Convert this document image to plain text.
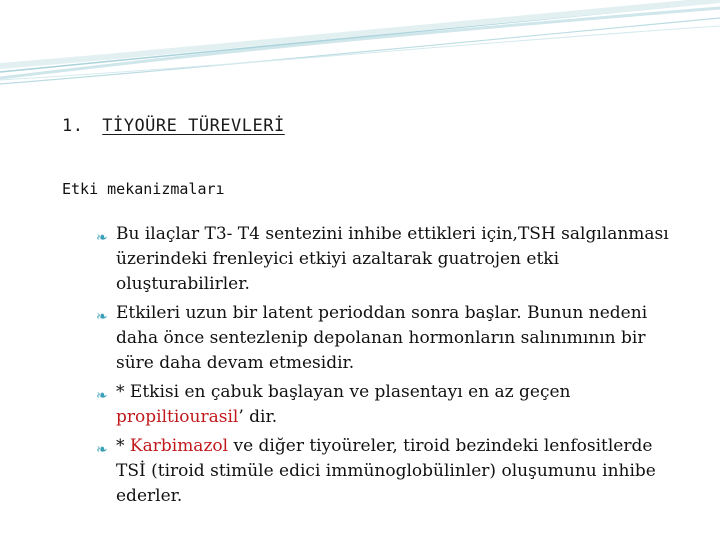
1. TİYOÜRE TÜREVLERİ
Etki mekanizmaları
❧ Bu ilaçlar T3- T4 sentezini inhibe ettikleri için,TSH salgılanması üzerindeki frenleyici etkiyi azaltarak guatrojen etki oluşturabilirler.
❧ Etkileri uzun bir latent perioddan sonra başlar. Bunun nedeni daha önce sentezlenip depolanan hormonların salınımının bir süre daha devam etmesidir.
❧ * Etkisi en çabuk başlayan ve plasentayı en az geçen propiltiourasil’ dir.
❧ * Karbimazol ve diğer tiyoüreler, tiroid bezindeki lenfositlerde TSİ (tiroid stimüle edici immünoglobülinler) oluşumunu inhibe ederler.
